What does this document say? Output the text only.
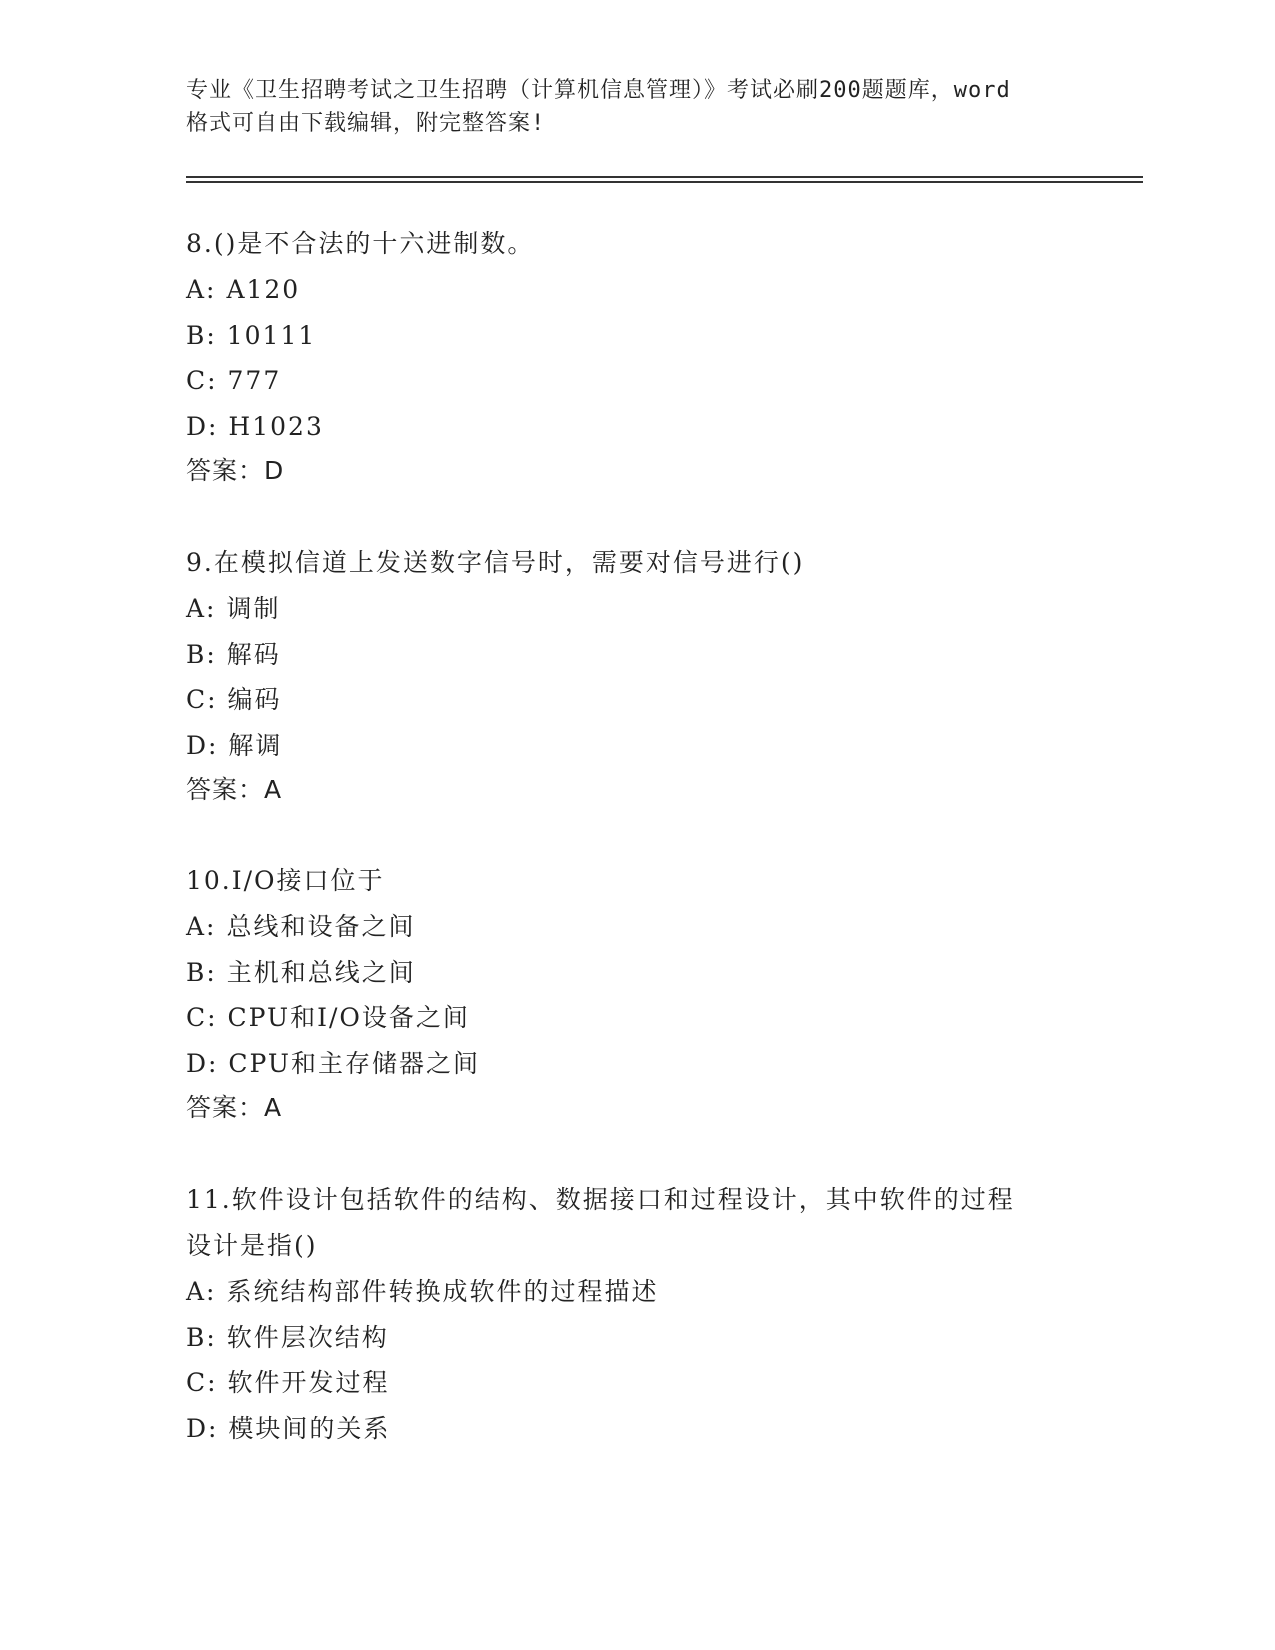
专业《卫生招聘考试之卫生招聘（计算机信息管理）》考试必刷200题题库，word
格式可自由下载编辑，附完整答案!
8.()是不合法的十六进制数。
A: A120
B: 10111
C: 777
D: H1023
答案：D
9.在模拟信道上发送数字信号时，需要对信号进行()
A: 调制
B: 解码
C: 编码
D: 解调
答案：A
10.I/O接口位于
A: 总线和设备之间
B: 主机和总线之间
C: CPU和I/O设备之间
D: CPU和主存储器之间
答案：A
11.软件设计包括软件的结构、数据接口和过程设计，其中软件的过程
设计是指()
A: 系统结构部件转换成软件的过程描述
B: 软件层次结构
C: 软件开发过程
D: 模块间的关系
